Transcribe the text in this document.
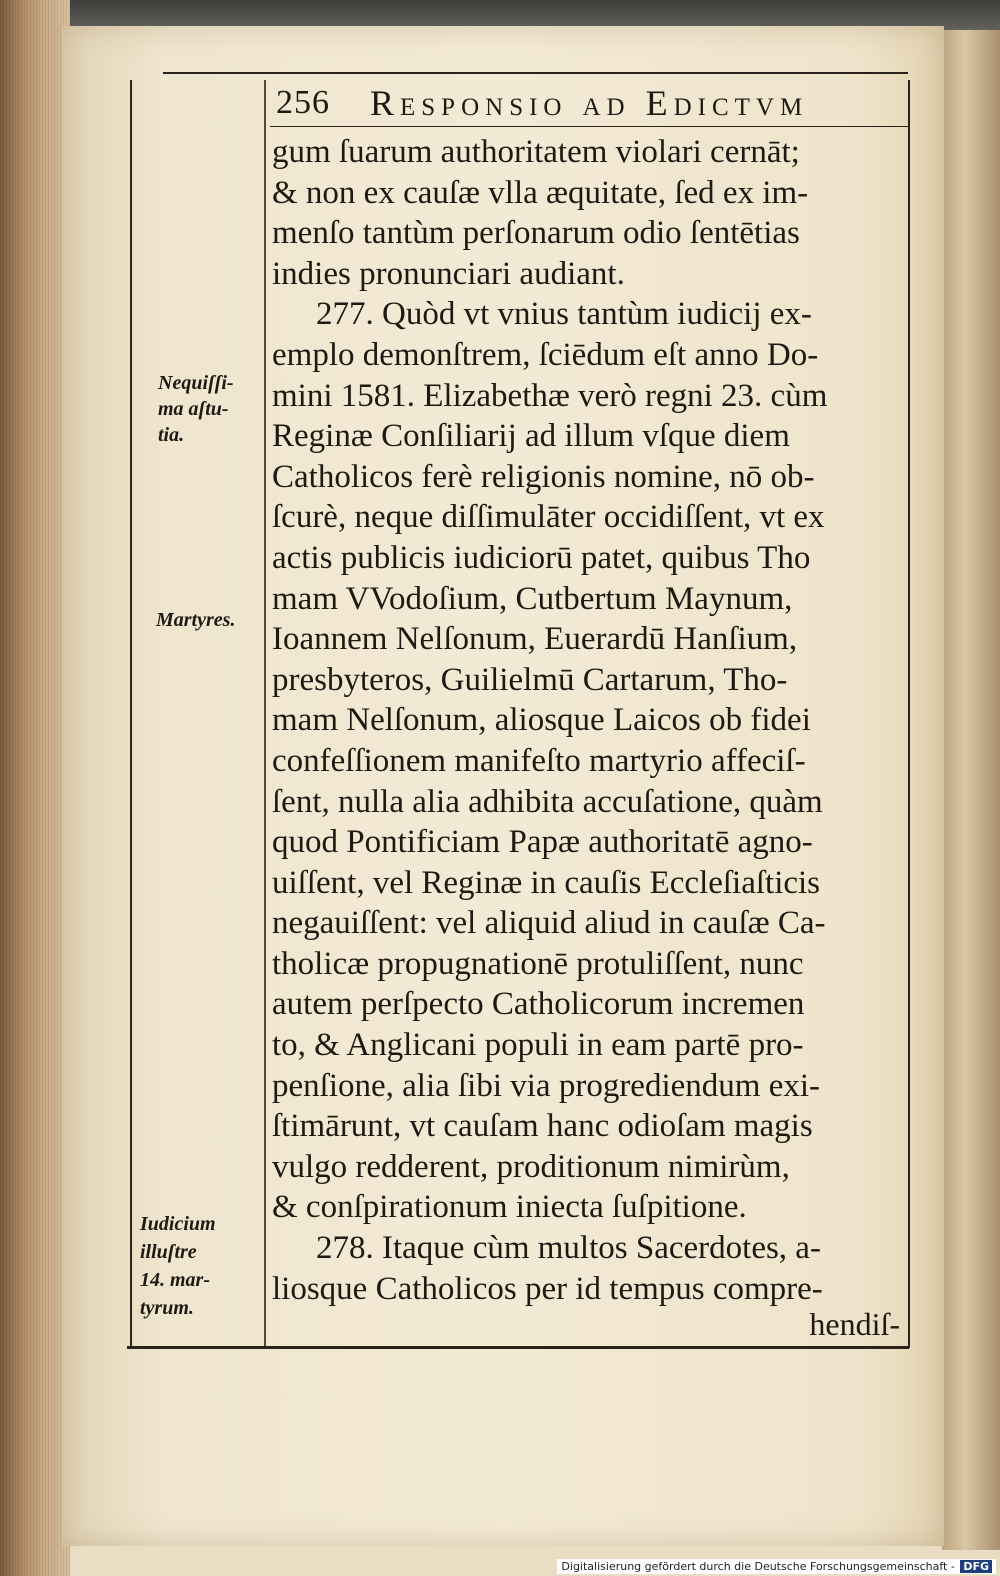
256 Responsio ad Edictvm
gum ſuarum authoritatem violari cernāt;
& non ex cauſæ vlla æquitate, ſed ex im-
menſo tantùm perſonarum odio ſentētias
indies pronunciari audiant.
277. Quòd vt vnius tantùm iudicij ex-
emplo demonſtrem, ſciēdum eſt anno Do-
mini 1581. Elizabethæ verò regni 23. cùm
Reginæ Conſiliarij ad illum vſque diem
Catholicos ferè religionis nomine, nō ob-
ſcurè, neque diſſimulāter occidiſſent, vt ex
actis publicis iudiciorū patet, quibus Tho
mam VVodoſium, Cutbertum Maynum,
Ioannem Nelſonum, Euerardū Hanſium,
presbyteros, Guilielmū Cartarum, Tho-
mam Nelſonum, aliosque Laicos ob fidei
confeſſionem manifeſto martyrio affeciſ-
ſent, nulla alia adhibita accuſatione, quàm
quod Pontificiam Papæ authoritatē agno-
uiſſent, vel Reginæ in cauſis Eccleſiaſticis
negauiſſent: vel aliquid aliud in cauſæ Ca-
tholicæ propugnationē protuliſſent, nunc
autem perſpecto Catholicorum incremen
to, & Anglicani populi in eam partē pro-
penſione, alia ſibi via progrediendum exi-
ſtimārunt, vt cauſam hanc odioſam magis
vulgo redderent, proditionum nimirùm,
& conſpirationum iniecta ſuſpitione.
278. Itaque cùm multos Sacerdotes, a-
liosque Catholicos per id tempus compre-
Nequiſſi-
ma aſtu-
tia.
Martyres.
Iudicium
illuſtre
14. mar-
tyrum.	hendiſ-
Digitalisierung gefördert durch die Deutsche Forschungsgemeinschaft - DFG
